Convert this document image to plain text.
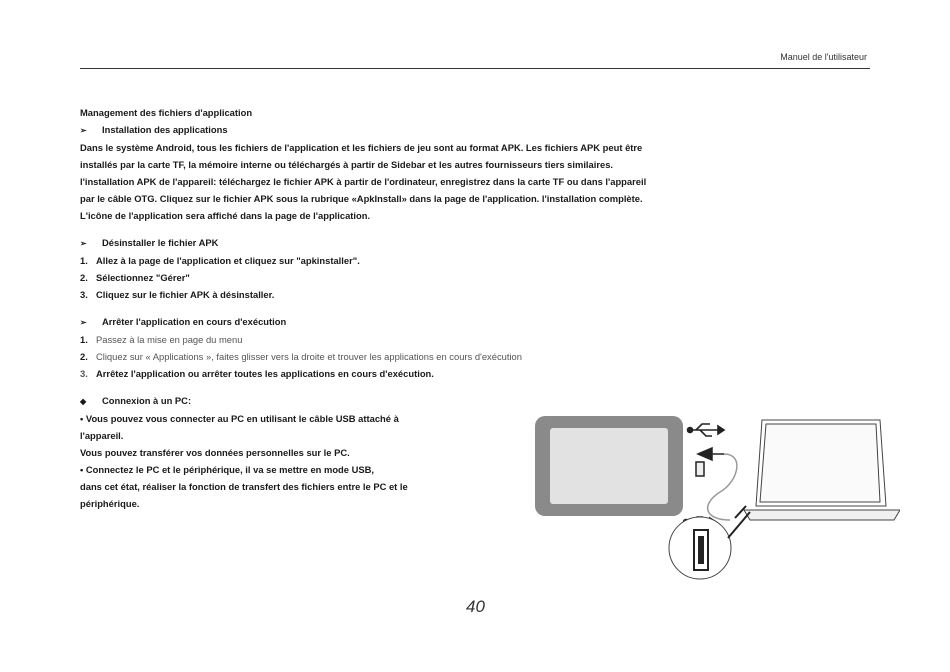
Manuel de l'utilisateur
Management des fichiers d'application
➢ Installation des applications
Dans le système Android, tous les fichiers de l'application et les fichiers de jeu sont au format APK. Les fichiers APK peut être
installés par la carte TF, la mémoire interne ou téléchargés à partir de Sidebar et les autres fournisseurs tiers similaires.
l'installation APK de l'appareil: téléchargez le fichier APK à partir de l'ordinateur, enregistrez dans la carte TF ou dans l'appareil
par le câble OTG. Cliquez sur le fichier APK sous la rubrique «ApkInstall» dans la page de l'application. l'installation complète.
L'icône de l'application sera affiché dans la page de l'application.
➢ Désinstaller le fichier APK
1. Allez à la page de l'application et cliquez sur "apkinstaller".
2. Sélectionnez "Gérer"
3. Cliquez sur le fichier APK à désinstaller.
➢ Arrêter l'application en cours d'exécution
1. Passez à la mise en page du menu
2. Cliquez sur « Applications », faites glisser vers la droite et trouver les applications en cours d'exécution
3. Arrêtez l'application ou arrêter toutes les applications en cours d'exécution.
◆ Connexion à un PC:
• Vous pouvez vous connecter au PC en utilisant le câble USB attaché à
l'appareil.
Vous pouvez transférer vos données personnelles sur le PC.
• Connectez le PC et le périphérique, il va se mettre en mode USB,
dans cet état, réaliser la fonction de transfert des fichiers entre le PC et le
périphérique.
40
